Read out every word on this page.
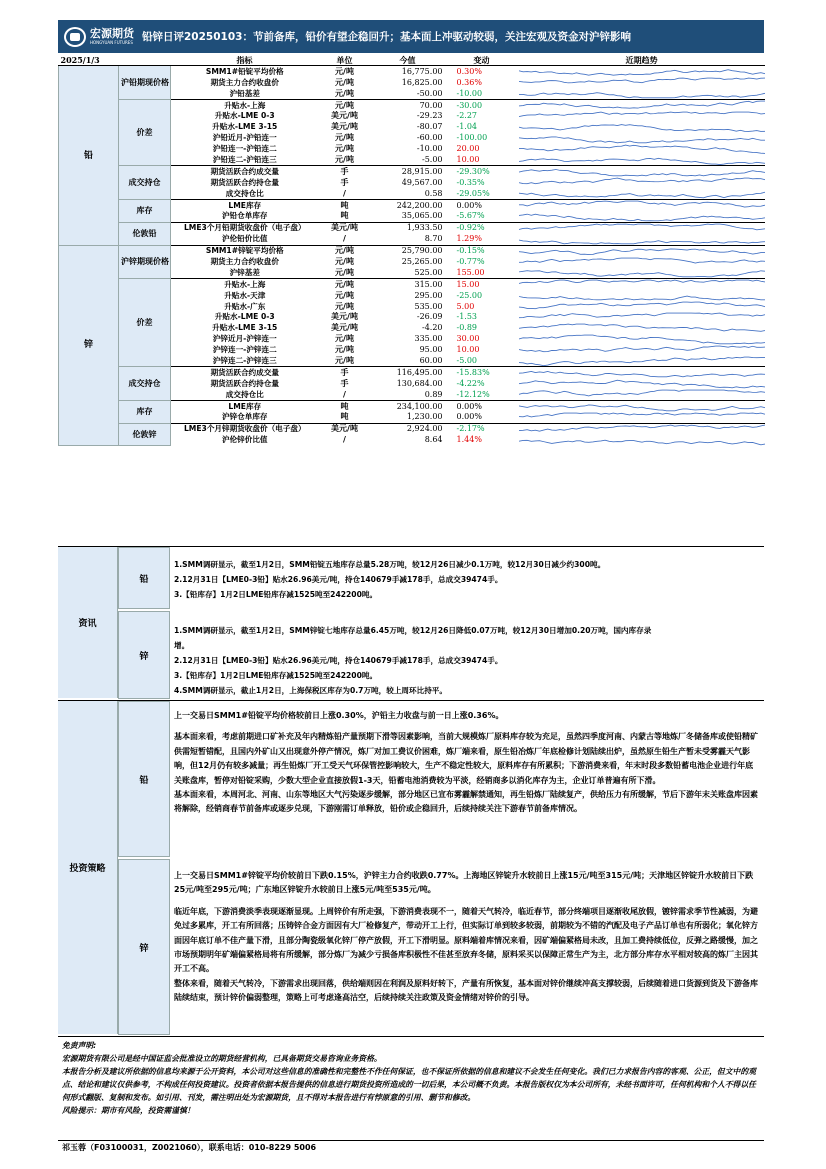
宏源期货
HONGYUAN FUTURES 铅锌日评20250103：节前备库，铅价有望企稳回升；基本面上冲驱动较弱，关注宏观及资金对沪锌影响
2025/1/3		指标	单位	今值	变动	近期趋势
铅	沪铅期现价格	SMM1#铅锭平均价格	元/吨	16,775.00	0.30%	

		期货主力合约收盘价	元/吨	16,825.00	0.36%	

		沪铅基差	元/吨	-50.00	-10.00	

	价差	升贴水-上海	元/吨	70.00	-30.00	

		升贴水-LME 0-3	美元/吨	-29.23	-2.27	

		升贴水-LME 3-15	美元/吨	-80.07	-1.04	

		沪铅近月-沪铅连一	元/吨	-60.00	-100.00	

		沪铅连一-沪铅连二	元/吨	-10.00	20.00	

		沪铅连二-沪铅连三	元/吨	-5.00	10.00	

	成交持仓	期货活跃合约成交量	手	28,915.00	-29.30%	

		期货活跃合约持仓量	手	49,567.00	-0.35%	

		成交持仓比	/	0.58	-29.05%	

	库存	LME库存	吨	242,200.00	0.00%	

		沪铅仓单库存	吨	35,065.00	-5.67%	

	伦敦铅	LME3个月铅期货收盘价（电子盘）	美元/吨	1,933.50	-0.92%	

		沪伦铅价比值	/	8.70	1.29%	

锌	沪锌期现价格	SMM1#锌锭平均价格	元/吨	25,790.00	-0.15%	

		期货主力合约收盘价	元/吨	25,265.00	-0.77%	

		沪锌基差	元/吨	525.00	155.00	

	价差	升贴水-上海	元/吨	315.00	15.00	

		升贴水-天津	元/吨	295.00	-25.00	

		升贴水-广东	元/吨	535.00	5.00	

		升贴水-LME 0-3	美元/吨	-26.09	-1.53	

		升贴水-LME 3-15	美元/吨	-4.20	-0.89	

		沪锌近月-沪锌连一	元/吨	335.00	30.00	

		沪锌连一-沪锌连二	元/吨	95.00	10.00	

		沪锌连二-沪锌连三	元/吨	60.00	-5.00	

	成交持仓	期货活跃合约成交量	手	116,495.00	-15.83%	

		期货活跃合约持仓量	手	130,684.00	-4.22%	

		成交持仓比	/	0.89	-12.12%	

	库存	LME库存	吨	234,100.00	0.00%	

		沪锌仓单库存	吨	1,230.00	0.00%	

	伦敦锌	LME3个月锌期货收盘价（电子盘）	美元/吨	2,924.00	-2.17%	

		沪伦锌价比值	/	8.64	1.44%	
资讯
铅
1.SMM调研显示，截至1月2日，SMM铅锭五地库存总量5.28万吨，较12月26日减少0.1万吨，较12月30日减少约300吨。
2.12月31日【LME0-3铅】贴水26.96美元/吨，持仓140679手减178手，总成交39474手。
3.【铅库存】1月2日LME铅库存减1525吨至242200吨。
锌
1.SMM调研显示，截至1月2日，SMM锌锭七地库存总量6.45万吨，较12月26日降低0.07万吨，较12月30日增加0.20万吨，国内库存录
增。
2.12月31日【LME0-3铅】贴水26.96美元/吨，持仓140679手减178手，总成交39474手。
3.【铅库存】1月2日LME铅库存减1525吨至242200吨。
4.SMM调研显示，截止1月2日，上海保税区库存为0.7万吨，较上周环比持平。
投资策略
铅

上一交易日SMM1#铅锭平均价格较前日上涨0.30%，沪铅主力收盘与前一日上涨0.36%。

基本面来看，考虑前期进口矿补充及年内精炼铅产量预期下滑等因素影响，当前大规模炼厂原料库存较为充足，虽然四季度河南、内蒙古等地炼厂冬储备库或使铅精矿供需短暂错配，且国内外矿山又出现意外停产情况，炼厂对加工费议价困难，炼厂端来看，原生铅冶炼厂年底检修计划陆续出炉，虽然原生铅生产暂未受雾霾天气影响，但12月仍有较多减量；再生铅炼厂开工受天气环保管控影响较大，生产不稳定性较大，原料库存有所累积；下游消费来看，年末时段多数铅蓄电池企业进行年底关账盘库，暂停对铅锭采购，少数大型企业直接放假1-3天，铅蓄电池消费较为平淡，经销商多以消化库存为主，企业订单普遍有所下滑。

基本面来看，本周河北、河南、山东等地区大气污染逐步缓解，部分地区已宣布雾霾解禁通知，再生铅炼厂陆续复产，供给压力有所缓解，节后下游年末关账盘库因素将解除，经销商春节前备库或逐步兑现，下游刚需订单释放，铅价或企稳回升，后续持续关注下游春节前备库情况。

锌

上一交易日SMM1#锌锭平均价较前日下跌0.15%，沪锌主力合约收跌0.77%。上海地区锌锭升水较前日上涨15元/吨至315元/吨；天津地区锌锭升水较前日下跌25元/吨至295元/吨；广东地区锌锭升水较前日上涨5元/吨至535元/吨。

临近年底，下游消费淡季表现逐渐显现。上周锌价有所走强，下游消费表现不一，随着天气转冷，临近春节，部分终端项目逐渐收尾放假，镀锌需求季节性减弱，为避免过多累库，开工有所回落；压铸锌合金方面因有大厂检修复产，带动开工上行，但实际订单到较多较弱，前期较为不错的汽配及电子产品订单也有所弱化；氧化锌方面因年底订单不佳产量下滑，且部分陶瓷级氧化锌厂停产放假，开工下滑明显。原料端着库情况来看，因矿端偏紧格局未改，且加工费持续低位，反弹之路缓慢，加之市场预期明年矿端偏紧格局将有所缓解，部分炼厂为减少亏损备库积极性不佳甚至放弃冬储，原料采买以保障正常生产为主，北方部分库存水平相对较高的炼厂主因其开工不高。

整体来看，随着天气转冷，下游需求出现回落，供给端则因在利润及原料好转下，产量有所恢复，基本面对锌价继续冲高支撑较弱，后续随着进口货源到货及下游备库陆续结束，预计锌价偏弱整理，策略上可考虑逢高沽空，后续持续关注政策及资金情绪对锌价的引导。

免责声明:
宏源期货有限公司是经中国证监会批准设立的期货经营机构，已具备期货交易咨询业务资格。
本报告分析及建议所依据的信息均来源于公开资料，本公司对这些信息的准确性和完整性不作任何保证，也不保证所依据的信息和建议不会发生任何变化。我们已力求报告内容的客观、公正，但文中的观点、结论和建议仅供参考，不构成任何投资建议。投资者依据本报告提供的信息进行期货投资所造成的一切后果，本公司概不负责。本报告版权仅为本公司所有，未经书面许可，任何机构和个人不得以任何形式翻版、复制和发布。如引用、刊发，需注明出处为宏源期货，且不得对本报告进行有悖原意的引用、删节和修改。
风险提示：期市有风险，投资需谨慎！
祁玉蓉（F03100031，Z0021060），联系电话：010-8229 5006
